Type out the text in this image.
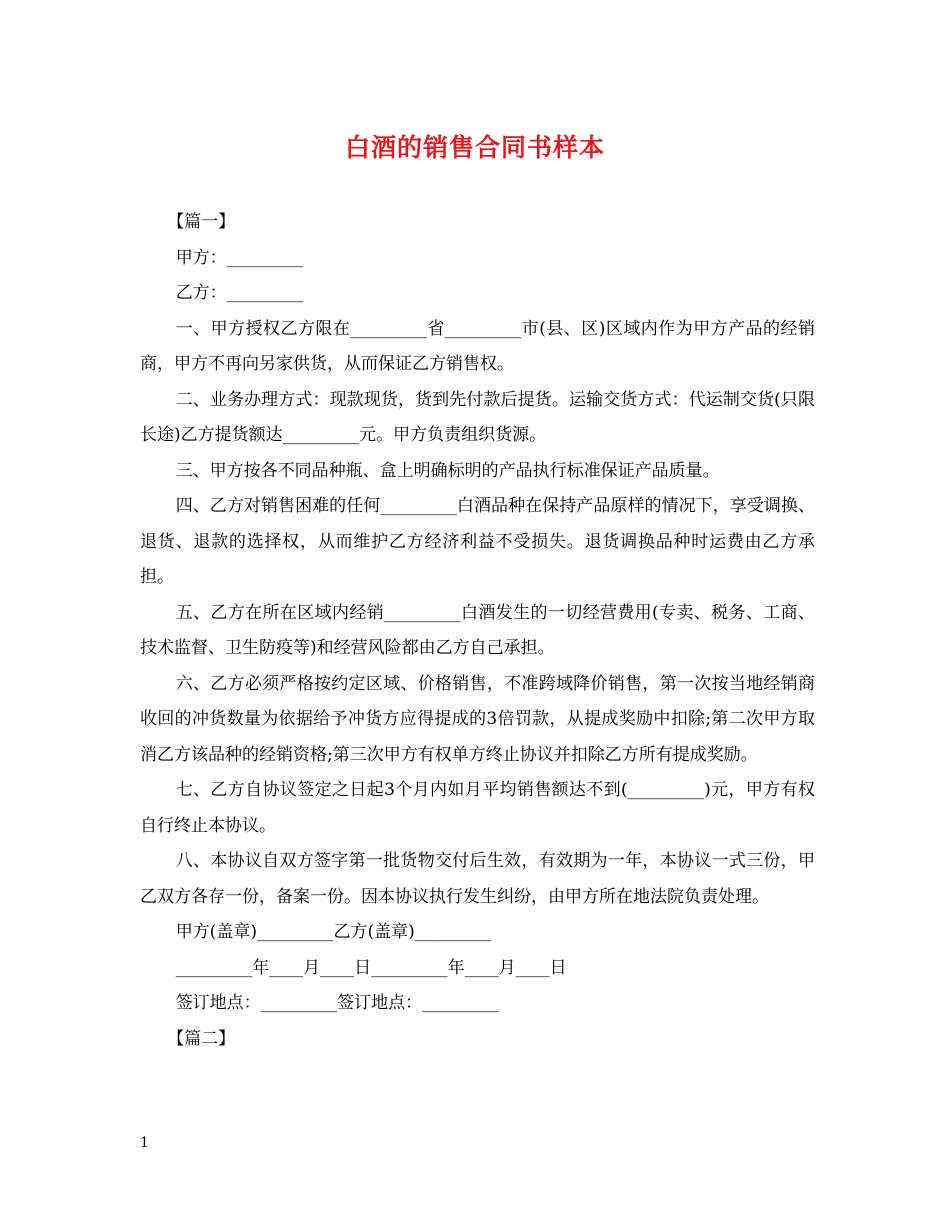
白酒的销售合同书样本

【篇一】

甲方：_________

乙方：_________

一、甲方授权乙方限在_________省_________市(县、区)区域内作为甲方产品的经销商，甲方不再向另家供货，从而保证乙方销售权。

二、业务办理方式：现款现货，货到先付款后提货。运输交货方式：代运制交货(只限长途)乙方提货额达_________元。甲方负责组织货源。

三、甲方按各不同品种瓶、盒上明确标明的产品执行标准保证产品质量。

四、乙方对销售困难的任何_________白酒品种在保持产品原样的情况下，享受调换、退货、退款的选择权，从而维护乙方经济利益不受损失。退货调换品种时运费由乙方承担。

五、乙方在所在区域内经销_________白酒发生的一切经营费用(专卖、税务、工商、技术监督、卫生防疫等)和经营风险都由乙方自己承担。

六、乙方必须严格按约定区域、价格销售，不准跨域降价销售，第一次按当地经销商收回的冲货数量为依据给予冲货方应得提成的3倍罚款，从提成奖励中扣除;第二次甲方取消乙方该品种的经销资格;第三次甲方有权单方终止协议并扣除乙方所有提成奖励。

七、乙方自协议签定之日起3个月内如月平均销售额达不到(_________)元，甲方有权自行终止本协议。

八、本协议自双方签字第一批货物交付后生效，有效期为一年，本协议一式三份，甲乙双方各存一份，备案一份。因本协议执行发生纠纷，由甲方所在地法院负责处理。

甲方(盖章)_________乙方(盖章)_________

_________年____月____日_________年____月____日

签订地点：_________签订地点：_________

【篇二】

1
